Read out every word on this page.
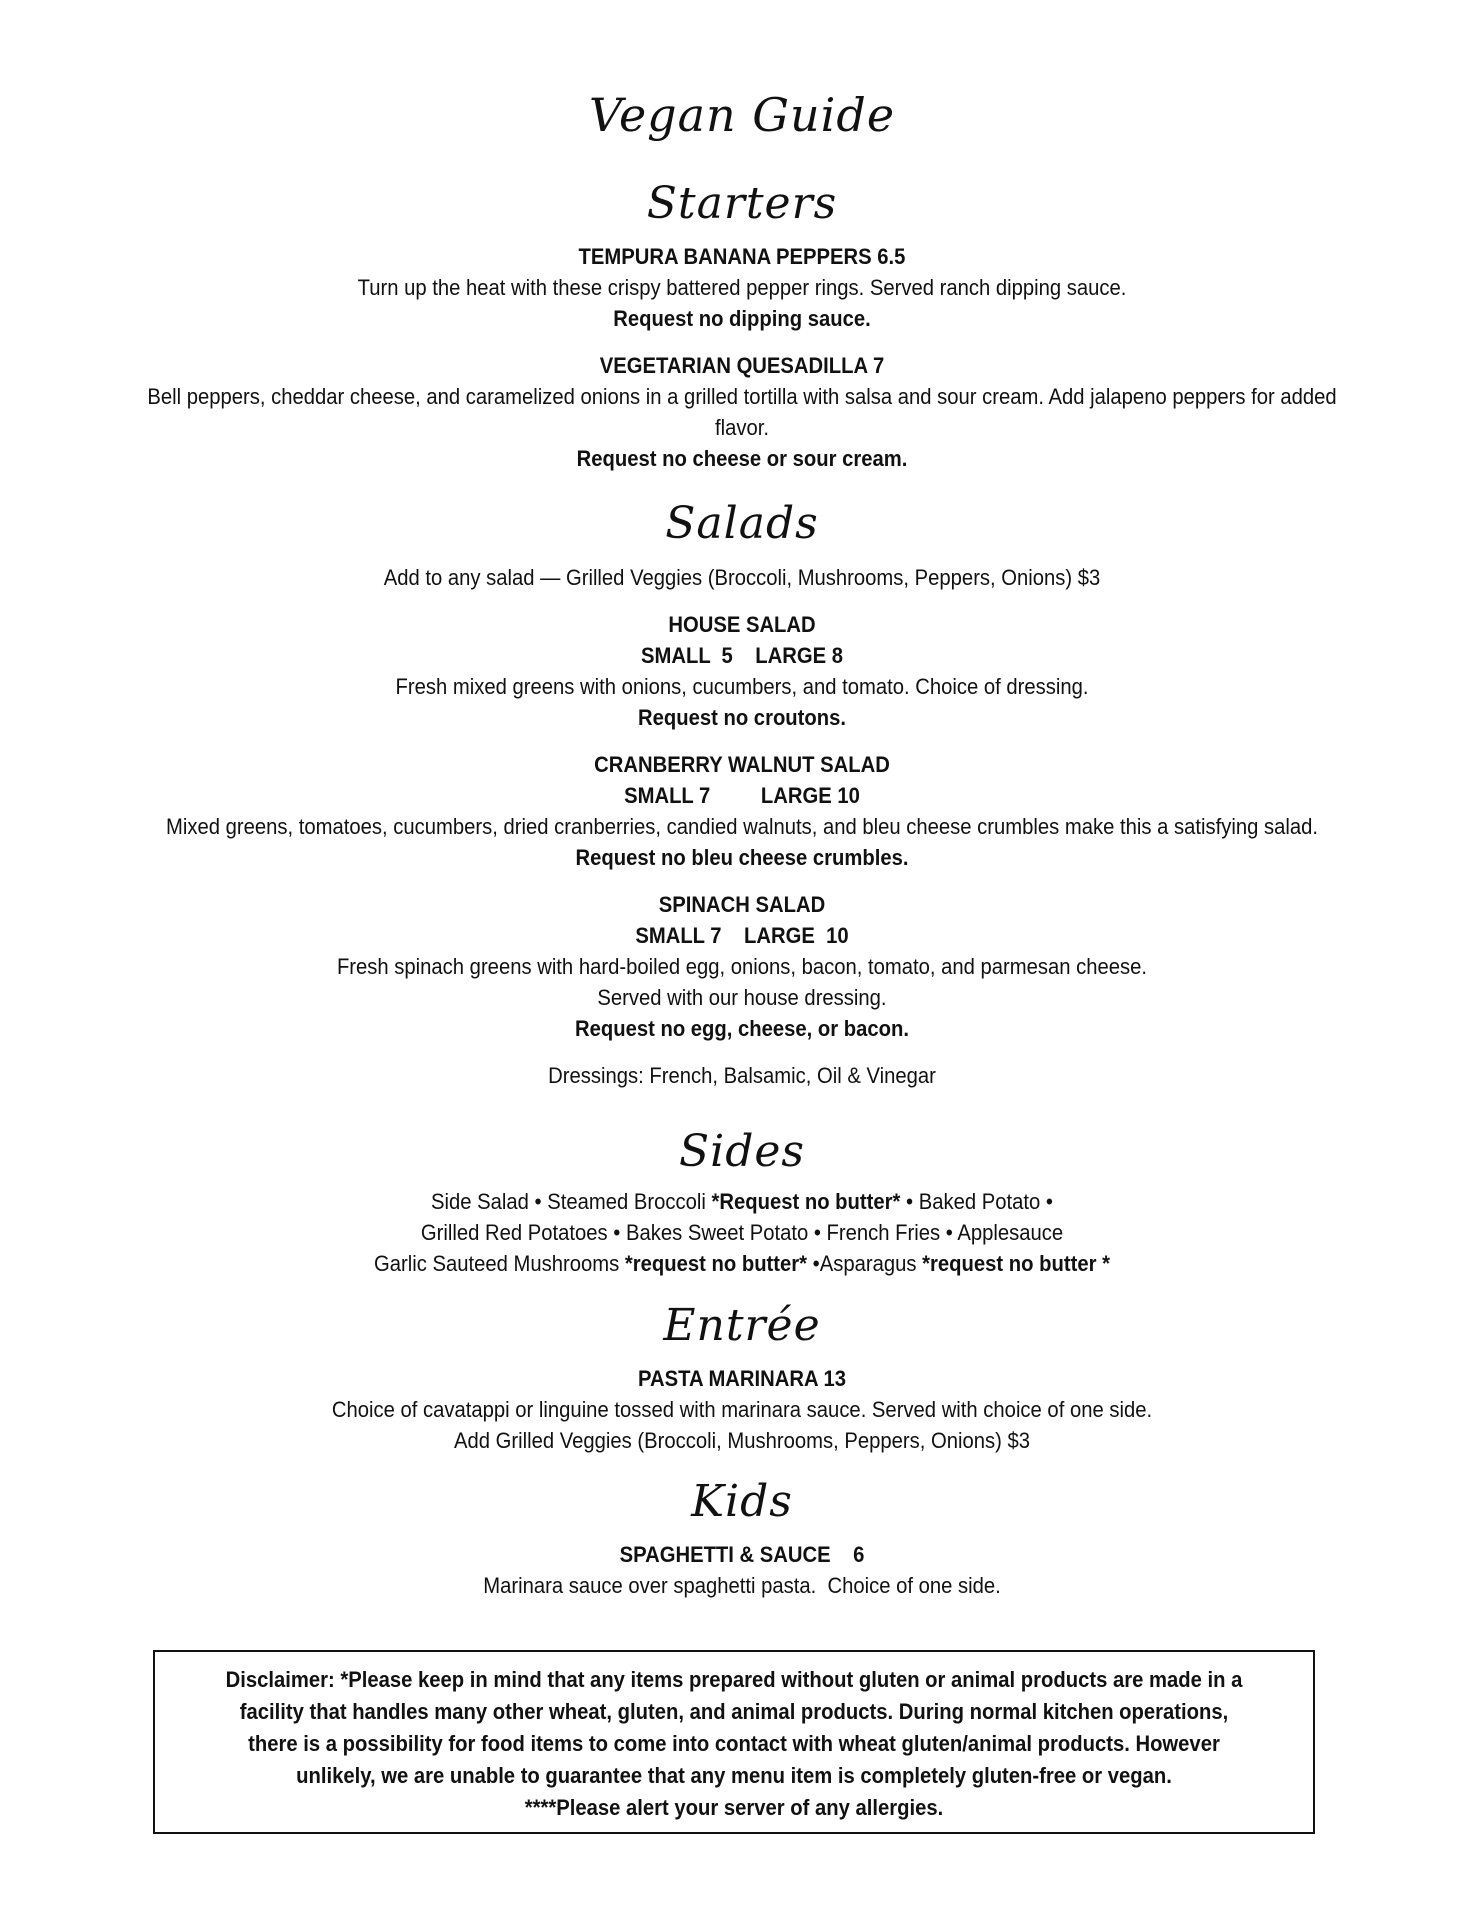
Vegan Guide
Starters

TEMPURA BANANA PEPPERS 6.5

Turn up the heat with these crispy battered pepper rings. Served ranch dipping sauce.

Request no dipping sauce.

VEGETARIAN QUESADILLA 7

Bell peppers, cheddar cheese, and caramelized onions in a grilled tortilla with salsa and sour cream. Add jalapeno peppers for added

flavor.

Request no cheese or sour cream.

Salads

Add to any salad — Grilled Veggies (Broccoli, Mushrooms, Peppers, Onions) $3

HOUSE SALAD

SMALL  5    LARGE 8

Fresh mixed greens with onions, cucumbers, and tomato. Choice of dressing.

Request no croutons.

CRANBERRY WALNUT SALAD

SMALL 7         LARGE 10

Mixed greens, tomatoes, cucumbers, dried cranberries, candied walnuts, and bleu cheese crumbles make this a satisfying salad.

Request no bleu cheese crumbles.

SPINACH SALAD

SMALL 7    LARGE  10

Fresh spinach greens with hard-boiled egg, onions, bacon, tomato, and parmesan cheese.

Served with our house dressing.

Request no egg, cheese, or bacon.

Dressings: French, Balsamic, Oil & Vinegar

Sides

Side Salad • Steamed Broccoli *Request no butter* • Baked Potato •

Grilled Red Potatoes • Bakes Sweet Potato • French Fries • Applesauce

Garlic Sauteed Mushrooms *request no butter* •Asparagus *request no butter *

Entrée

PASTA MARINARA 13

Choice of cavatappi or linguine tossed with marinara sauce. Served with choice of one side.

Add Grilled Veggies (Broccoli, Mushrooms, Peppers, Onions) $3

Kids

SPAGHETTI & SAUCE    6

Marinara sauce over spaghetti pasta.  Choice of one side.

Disclaimer: *Please keep in mind that any items prepared without gluten or animal products are made in a

facility that handles many other wheat, gluten, and animal products. During normal kitchen operations,

there is a possibility for food items to come into contact with wheat gluten/animal products. However

unlikely, we are unable to guarantee that any menu item is completely gluten-free or vegan.

****Please alert your server of any allergies.
